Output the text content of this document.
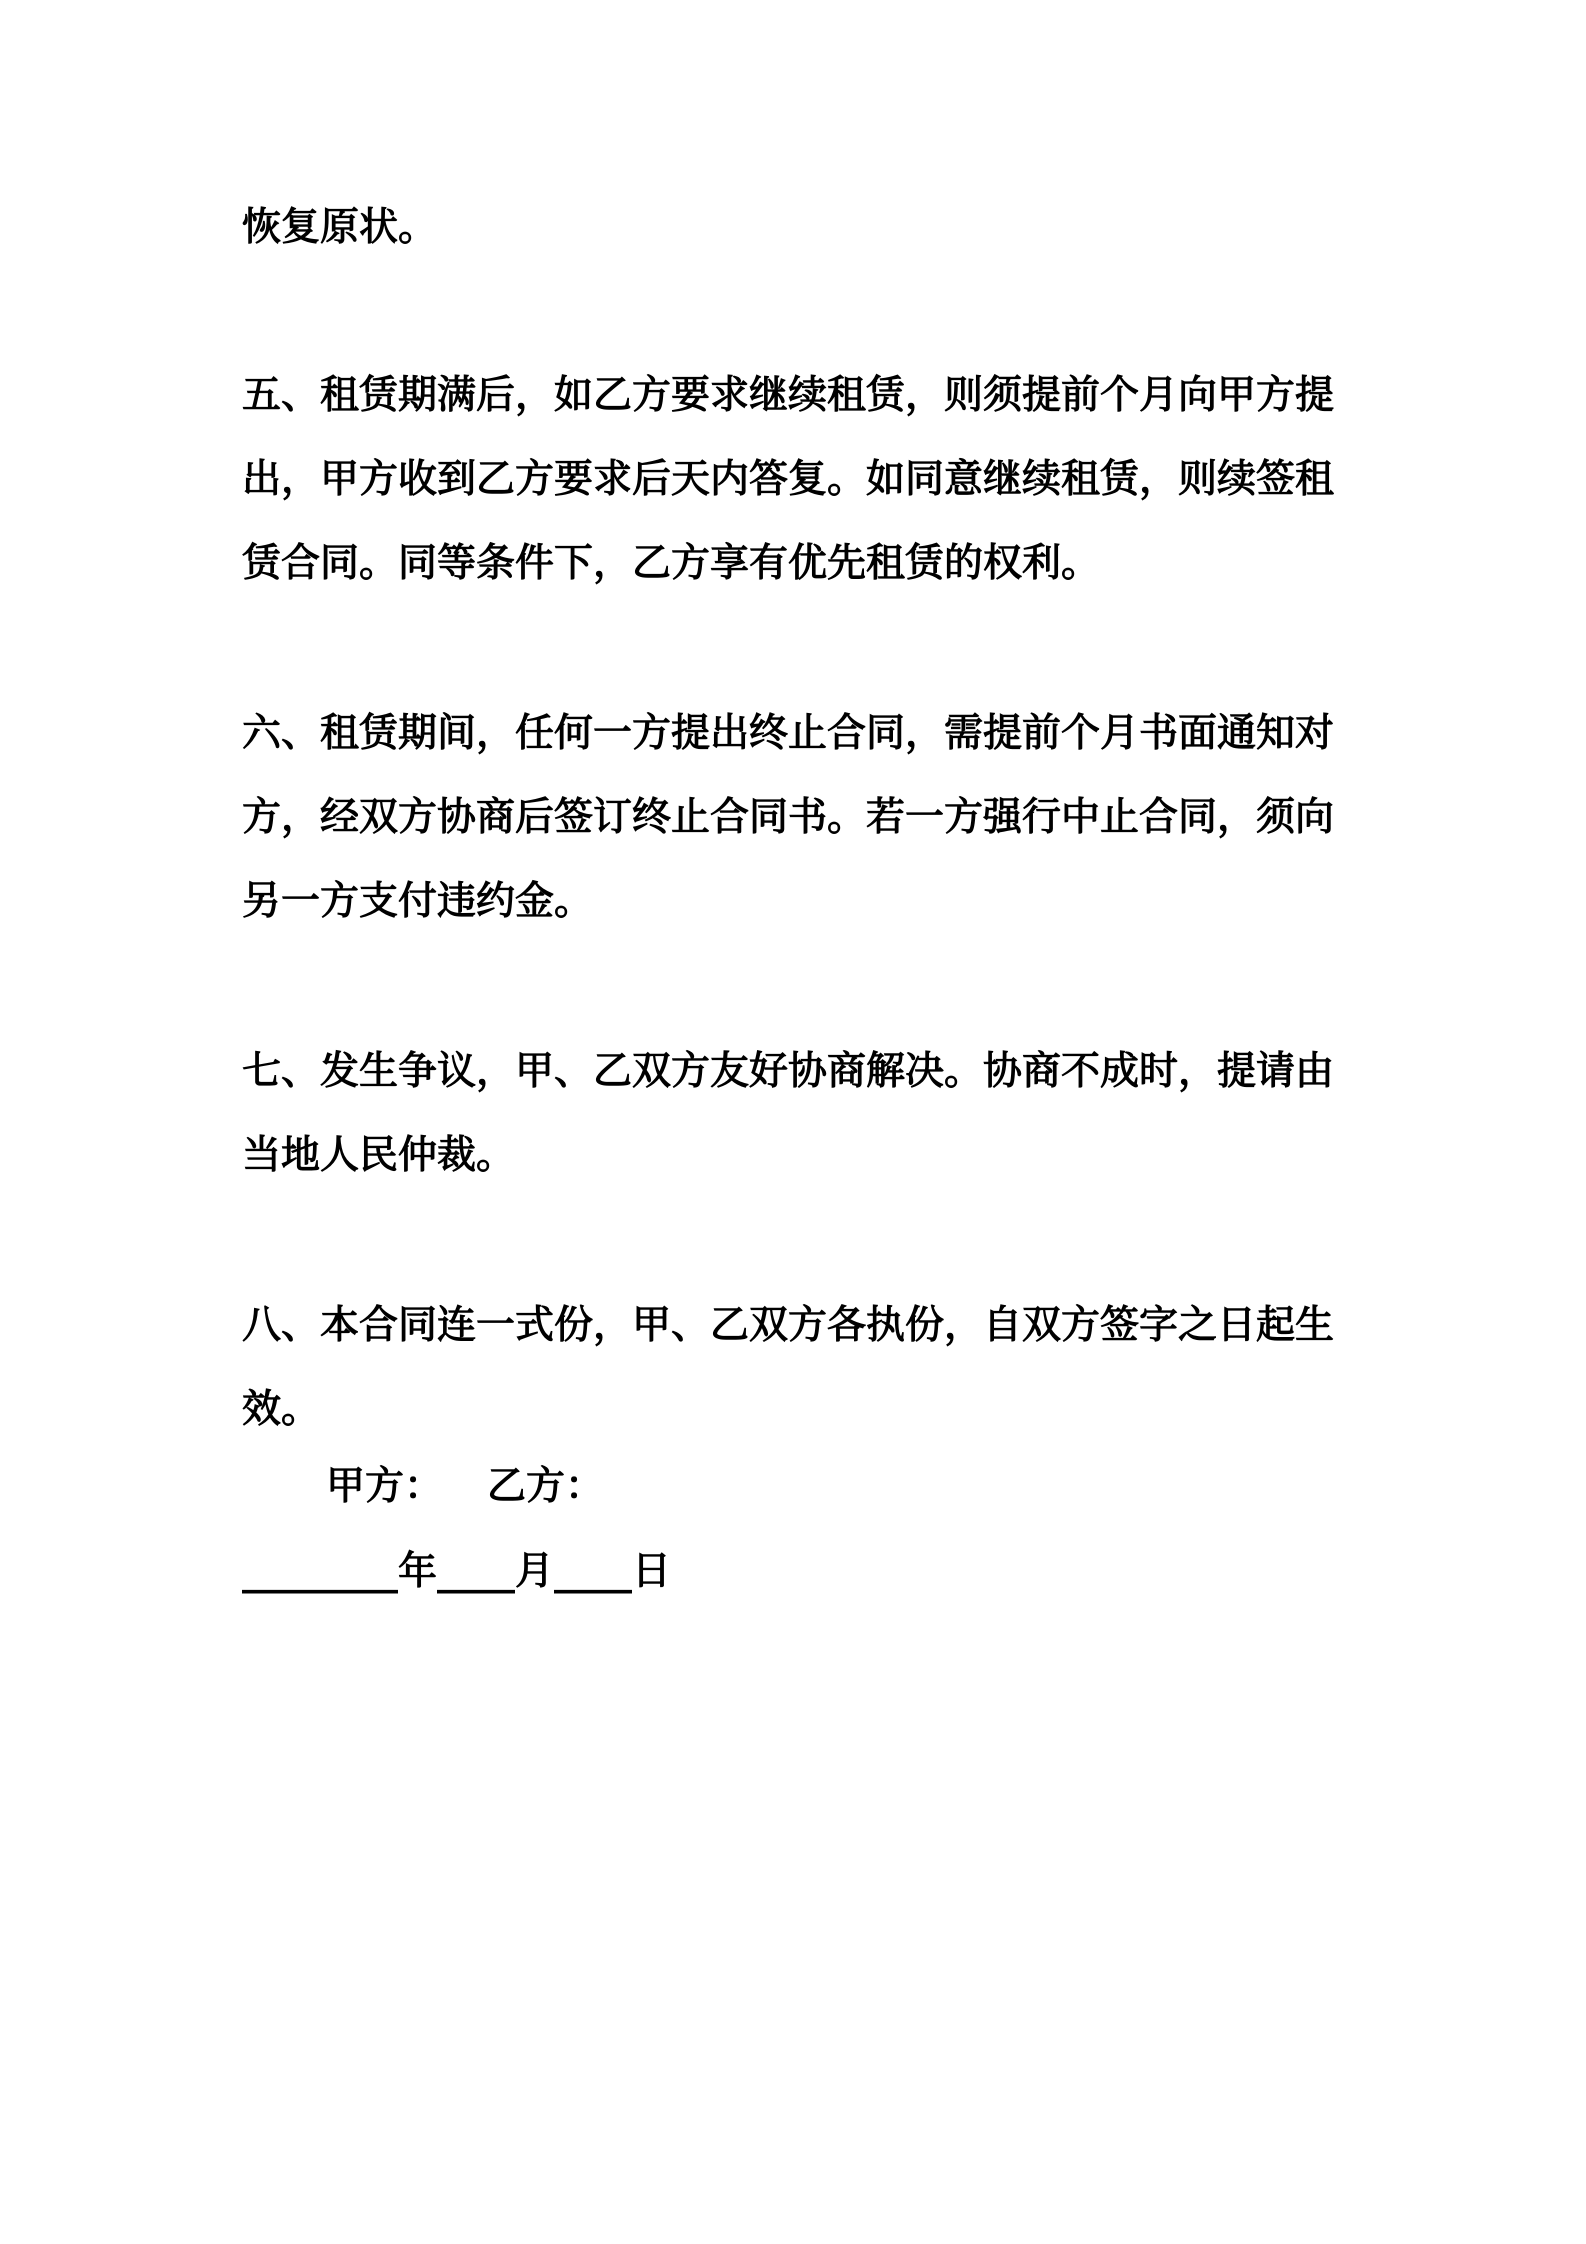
恢复原状。

五、租赁期满后，如乙方要求继续租赁，则须提前个月向甲方提出，甲方收到乙方要求后天内答复。如同意继续租赁，则续签租赁合同。同等条件下，乙方享有优先租赁的权利。

六、租赁期间，任何一方提出终止合同，需提前个月书面通知对方，经双方协商后签订终止合同书。若一方强行中止合同，须向另一方支付违约金。

七、发生争议，甲、乙双方友好协商解决。协商不成时，提请由当地人民仲裁。

八、本合同连一式份，甲、乙双方各执份，自双方签字之日起生效。

甲方： 乙方：
________年____月____日
